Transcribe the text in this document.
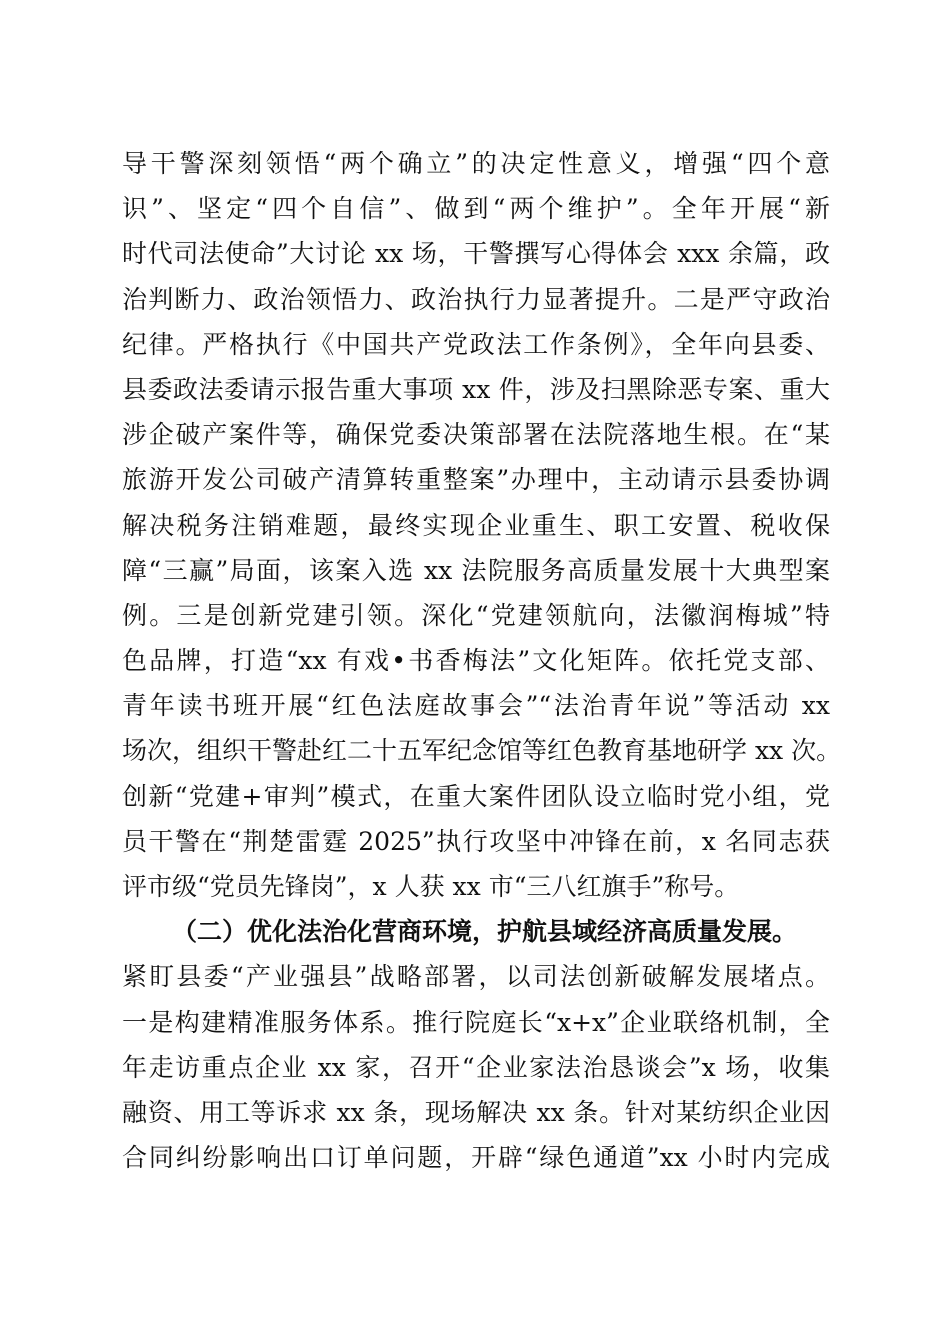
导干警深刻领悟“两个确立”的决定性意义，增强“四个意
识”、坚定“四个自信”、做到“两个维护”。全年开展“新
时代司法使命”大讨论 xx 场，干警撰写心得体会 xxx 余篇，政
治判断力、政治领悟力、政治执行力显著提升。二是严守政治
纪律。严格执行《中国共产党政法工作条例》，全年向县委、
县委政法委请示报告重大事项 xx 件，涉及扫黑除恶专案、重大
涉企破产案件等，确保党委决策部署在法院落地生根。在“某
旅游开发公司破产清算转重整案”办理中，主动请示县委协调
解决税务注销难题，最终实现企业重生、职工安置、税收保
障“三赢”局面，该案入选 xx 法院服务高质量发展十大典型案
例。三是创新党建引领。深化“党建领航向，法徽润梅城”特
色品牌，打造“xx 有戏•书香梅法”文化矩阵。依托党支部、
青年读书班开展“红色法庭故事会”“法治青年说”等活动 xx
场次，组织干警赴红二十五军纪念馆等红色教育基地研学 xx 次。
创新“党建+审判”模式，在重大案件团队设立临时党小组，党
员干警在“荆楚雷霆 2025”执行攻坚中冲锋在前，x 名同志获
评市级“党员先锋岗”，x 人获 xx 市“三八红旗手”称号。
（二）优化法治化营商环境，护航县域经济高质量发展。
紧盯县委“产业强县”战略部署，以司法创新破解发展堵点。
一是构建精准服务体系。推行院庭长“x+x”企业联络机制，全
年走访重点企业 xx 家，召开“企业家法治恳谈会”x 场，收集
融资、用工等诉求 xx 条，现场解决 xx 条。针对某纺织企业因
合同纠纷影响出口订单问题，开辟“绿色通道”xx 小时内完成
